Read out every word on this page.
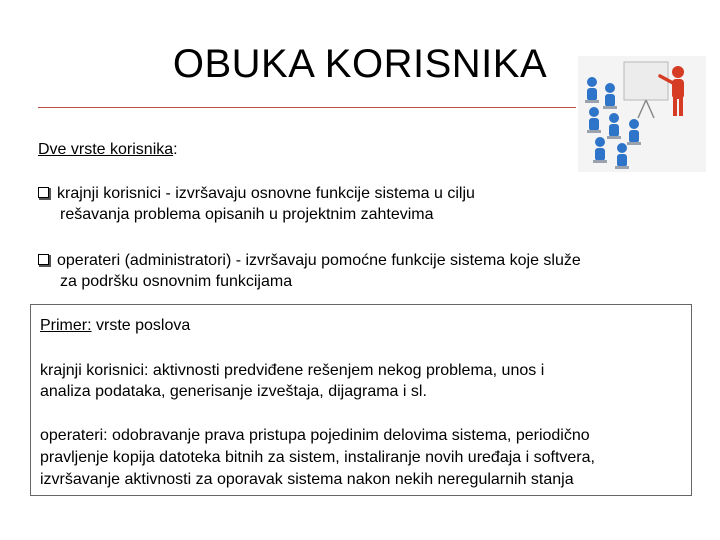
OBUKA KORISNIKA
Dve vrste korisnika:
krajnji korisnici - izvršavaju osnovne funkcije sistema u cilju
rešavanja problema opisanih u projektnim zahtevima
operateri (administratori) - izvršavaju pomoćne funkcije sistema koje služe
za podršku osnovnim funkcijama
Primer: vrste poslova
krajnji korisnici: aktivnosti predviđene rešenjem nekog problema, unos i
analiza podataka, generisanje izveštaja, dijagrama i sl.
operateri: odobravanje prava pristupa pojedinim delovima sistema, periodično
pravljenje kopija datoteka bitnih za sistem, instaliranje novih uređaja i softvera,
izvršavanje aktivnosti za oporavak sistema nakon nekih neregularnih stanja
